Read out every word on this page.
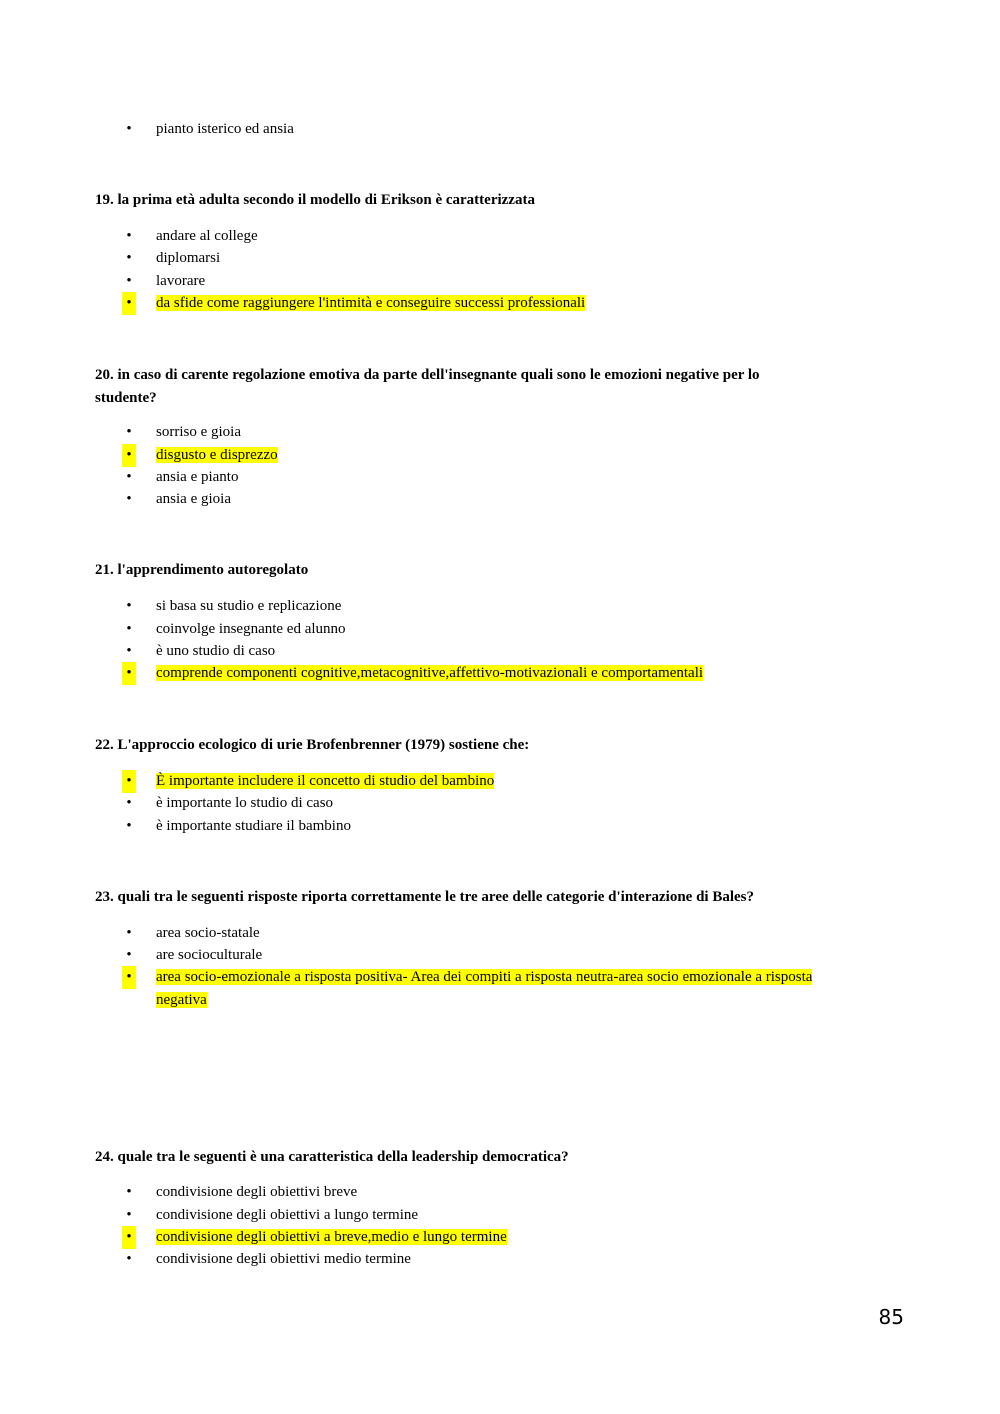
• pianto isterico ed ansia
19. la prima età adulta secondo il modello di Erikson è caratterizzata
• andare al college
• diplomarsi
• lavorare
• da sfide come raggiungere l'intimità e conseguire successi professionali
20. in caso di carente regolazione emotiva da parte dell'insegnante quali sono le emozioni negative per lo
studente?
• sorriso e gioia
• disgusto e disprezzo
• ansia e pianto
• ansia e gioia
21. l'apprendimento autoregolato
• si basa su studio e replicazione
• coinvolge insegnante ed alunno
• è uno studio di caso
• comprende componenti cognitive,metacognitive,affettivo-motivazionali e comportamentali
22. L'approccio ecologico di urie Brofenbrenner (1979) sostiene che:
• È importante includere il concetto di studio del bambino
• è importante lo studio di caso
• è importante studiare il bambino
23. quali tra le seguenti risposte riporta correttamente le tre aree delle categorie d'interazione di Bales?
• area socio-statale
• are socioculturale
• area socio-emozionale a risposta positiva- Area dei compiti a risposta neutra-area socio emozionale a risposta
negativa
24. quale tra le seguenti è una caratteristica della leadership democratica?
• condivisione degli obiettivi breve
• condivisione degli obiettivi a lungo termine
• condivisione degli obiettivi a breve,medio e lungo termine
• condivisione degli obiettivi medio termine
85
